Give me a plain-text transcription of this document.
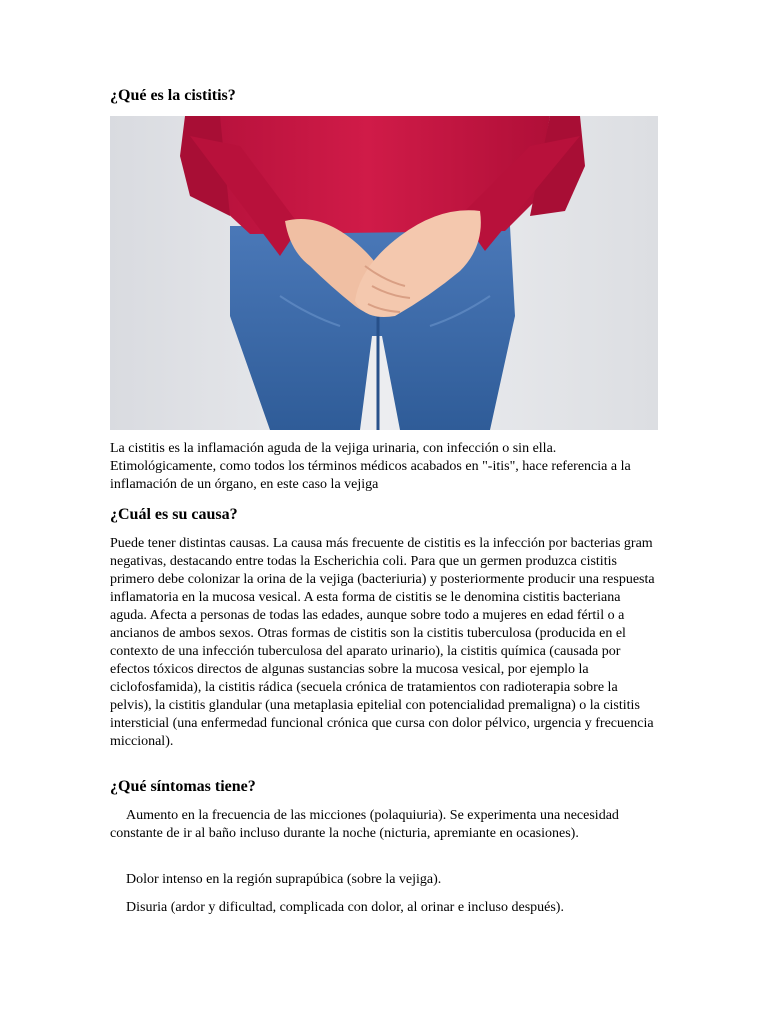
¿Qué es la cistitis?

La cistitis es la inflamación aguda de la vejiga urinaria, con infección o sin ella. Etimológicamente, como todos los términos médicos acabados en "-itis", hace referencia a la inflamación de un órgano, en este caso la vejiga

¿Cuál es su causa?

Puede tener distintas causas. La causa más frecuente de cistitis es la infección por bacterias gram negativas, destacando entre todas la Escherichia coli. Para que un germen produzca cistitis primero debe colonizar la orina de la vejiga (bacteriuria) y posteriormente producir una respuesta inflamatoria en la mucosa vesical. A esta forma de cistitis se le denomina cistitis bacteriana aguda. Afecta a personas de todas las edades, aunque sobre todo a mujeres en edad fértil o a ancianos de ambos sexos. Otras formas de cistitis son la cistitis tuberculosa (producida en el contexto de una infección tuberculosa del aparato urinario), la cistitis química (causada por efectos tóxicos directos de algunas sustancias sobre la mucosa vesical, por ejemplo la ciclofosfamida), la cistitis rádica (secuela crónica de tratamientos con radioterapia sobre la pelvis), la cistitis glandular (una metaplasia epitelial con potencialidad premaligna) o la cistitis intersticial (una enfermedad funcional crónica que cursa con dolor pélvico, urgencia y frecuencia miccional).

¿Qué síntomas tiene?

Aumento en la frecuencia de las micciones (polaquiuria). Se experimenta una necesidad constante de ir al baño incluso durante la noche (nicturia, apremiante en ocasiones).

Dolor intenso en la región suprapúbica (sobre la vejiga).

Disuria (ardor y dificultad, complicada con dolor, al orinar e incluso después).
